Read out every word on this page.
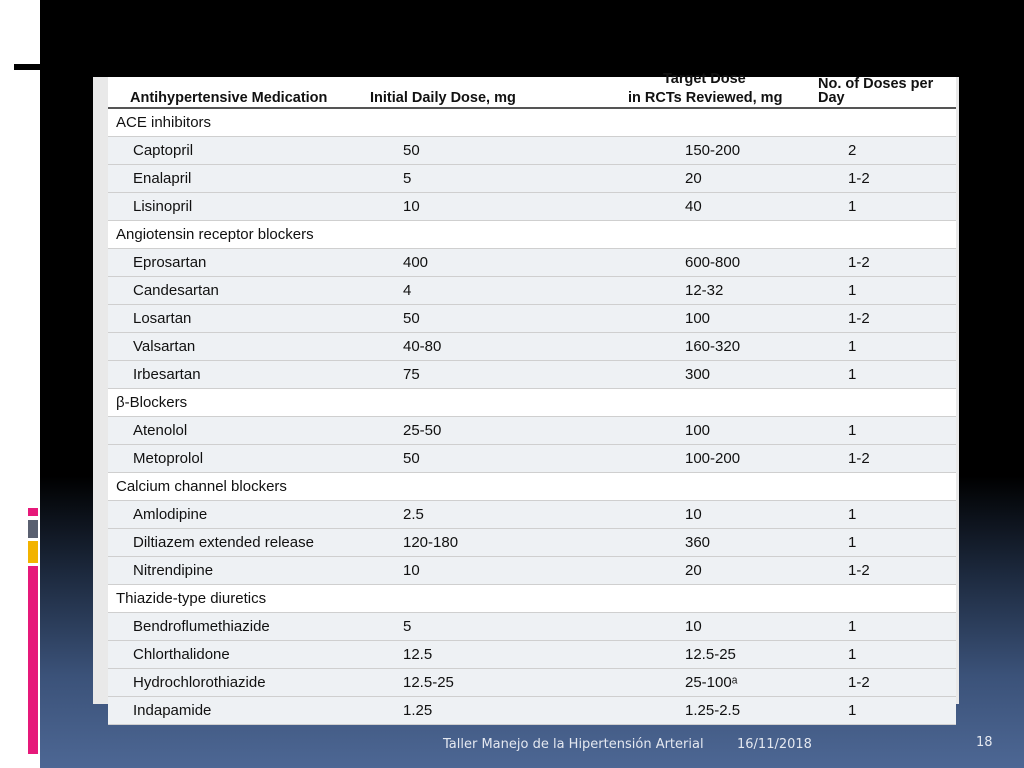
Target Dose
Antihypertensive Medication	Initial Daily Dose, mg	in RCTs Reviewed, mg	No. of Doses per Day
ACE inhibitors			
Captopril	50	150-200	2
Enalapril	5	20	1-2
Lisinopril	10	40	1
Angiotensin receptor blockers			
Eprosartan	400	600-800	1-2
Candesartan	4	12-32	1
Losartan	50	100	1-2
Valsartan	40-80	160-320	1
Irbesartan	75	300	1
β-Blockers			
Atenolol	25-50	100	1
Metoprolol	50	100-200	1-2
Calcium channel blockers			
Amlodipine	2.5	10	1
Diltiazem extended release	120-180	360	1
Nitrendipine	10	20	1-2
Thiazide-type diuretics			
Bendroflumethiazide	5	10	1
Chlorthalidone	12.5	12.5-25	1
Hydrochlorothiazide	12.5-25	25-100ᵃ	1-2
Indapamide	1.25	1.25-2.5	1
Taller Manejo de la Hipertensión Arterial	16/11/2018	18
